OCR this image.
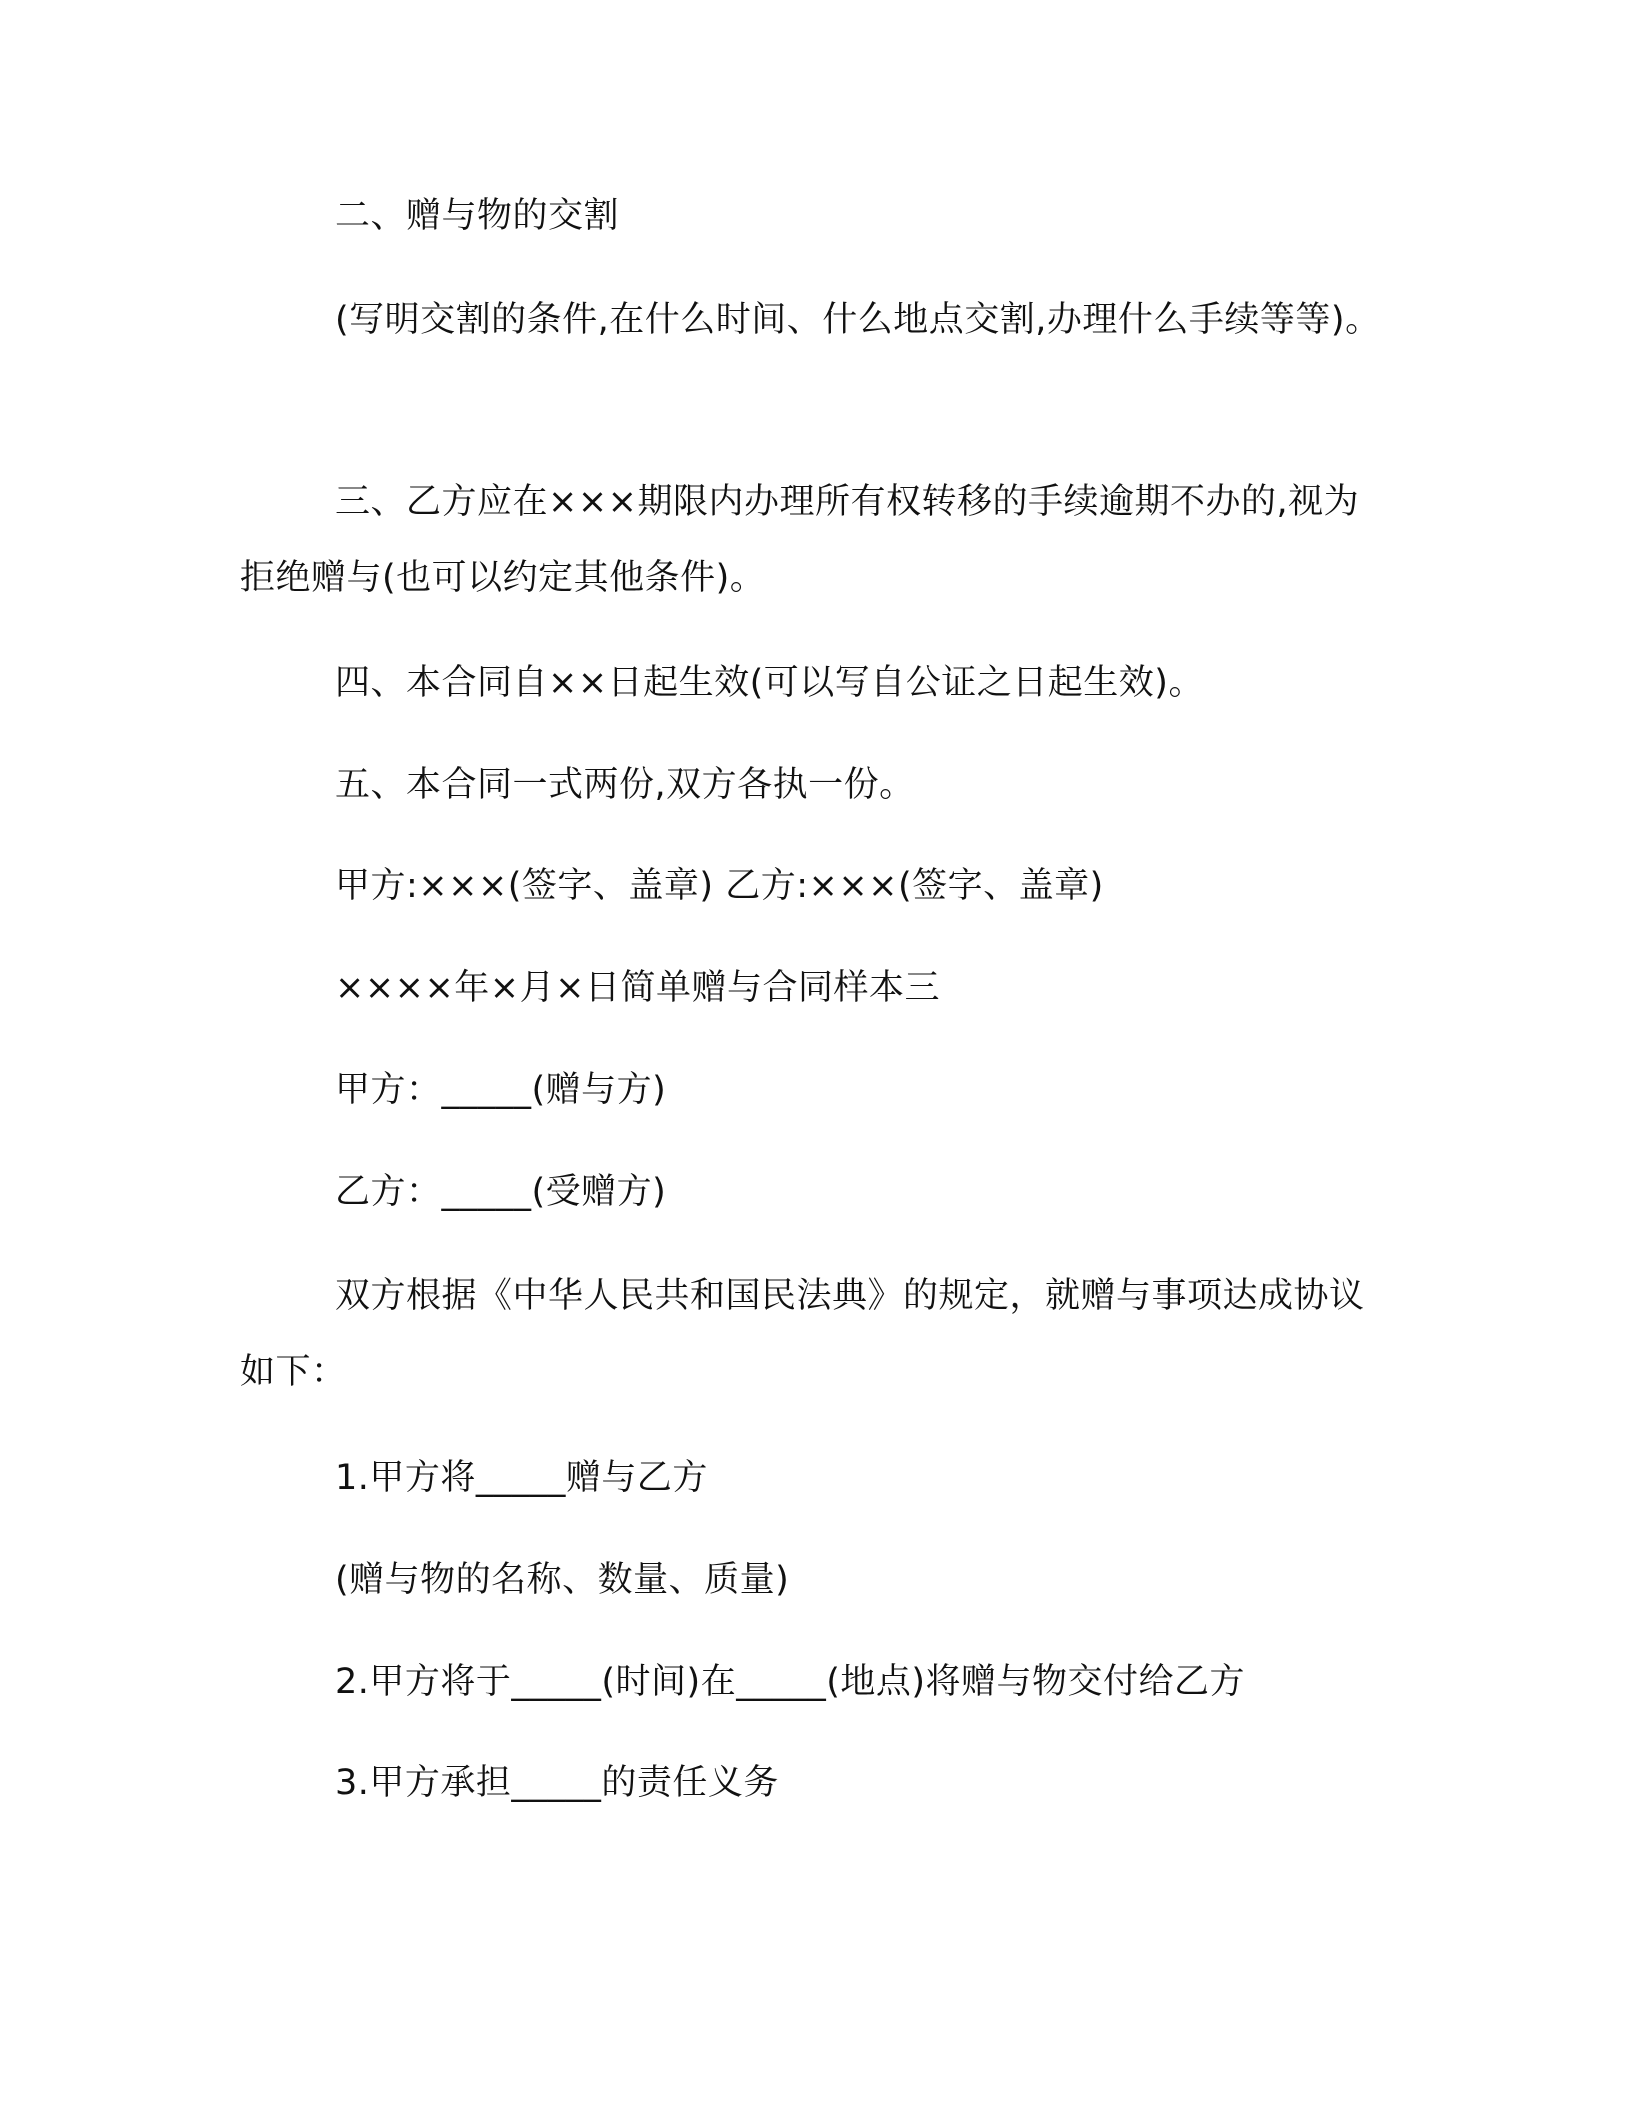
二、赠与物的交割

(写明交割的条件,在什么时间、什么地点交割,办理什么手续等等)。

三、乙方应在×××期限内办理所有权转移的手续逾期不办的,视为拒绝赠与(也可以约定其他条件)。

四、本合同自××日起生效(可以写自公证之日起生效)。

五、本合同一式两份,双方各执一份。

甲方:×××(签字、盖章) 乙方:×××(签字、盖章)

××××年×月×日简单赠与合同样本三

甲方：_____(赠与方)

乙方：_____(受赠方)

双方根据《中华人民共和国民法典》的规定，就赠与事项达成协议如下：

1.甲方将_____赠与乙方

(赠与物的名称、数量、质量)

2.甲方将于_____(时间)在_____(地点)将赠与物交付给乙方

3.甲方承担_____的责任义务
